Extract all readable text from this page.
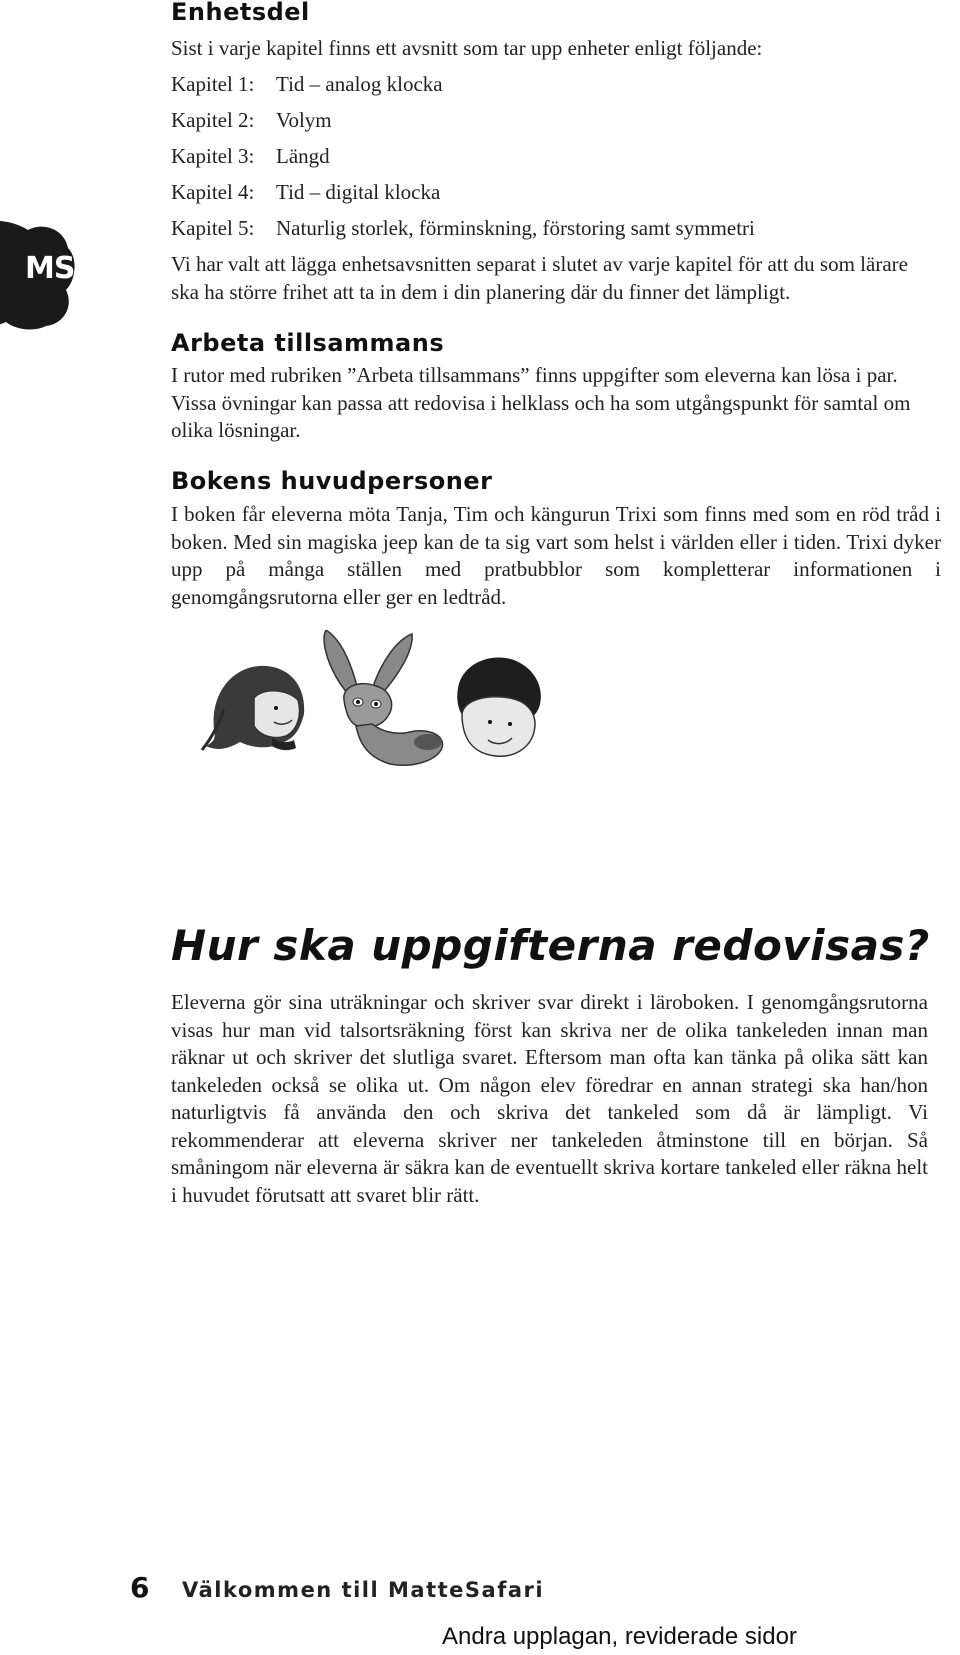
MS
Enhetsdel

Sist i varje kapitel finns ett avsnitt som tar upp enheter enligt följande:

Kapitel 1:	Tid – analog klocka
Kapitel 2:	Volym
Kapitel 3:	Längd
Kapitel 4:	Tid – digital klocka
Kapitel 5:	Naturlig storlek, förminskning, förstoring samt symmetri

Vi har valt att lägga enhetsavsnitten separat i slutet av varje kapitel för att du som lärare ska ha större frihet att ta in dem i din planering där du finner det lämpligt.

Arbeta tillsammans

I rutor med rubriken ”Arbeta tillsammans” finns uppgifter som eleverna kan lösa i par. Vissa övningar kan passa att redovisa i helklass och ha som utgångspunkt för samtal om olika lösningar.

Bokens huvudpersoner

I boken får eleverna möta Tanja, Tim och kängurun Trixi som finns med som en röd tråd i boken. Med sin magiska jeep kan de ta sig vart som helst i världen eller i tiden. Trixi dyker upp på många ställen med pratbubblor som kompletterar informationen i genomgångsrutorna eller ger en ledtråd.

Hur ska uppgifterna redovisas?

Eleverna gör sina uträkningar och skriver svar direkt i läroboken. I genomgångsrutorna visas hur man vid talsortsräkning först kan skriva ner de olika tankeleden innan man räknar ut och skriver det slutliga svaret. Eftersom man ofta kan tänka på olika sätt kan tankeleden också se olika ut. Om någon elev föredrar en annan strategi ska han/hon naturligtvis få använda den och skriva det tankeled som då är lämpligt. Vi rekommenderar att eleverna skriver ner tankeleden åtminstone till en början. Så småningom när eleverna är säkra kan de eventuellt skriva kortare tankeled eller räkna helt i huvudet förutsatt att svaret blir rätt.

6 Välkommen till MatteSafari
Andra upplagan, reviderade sidor
